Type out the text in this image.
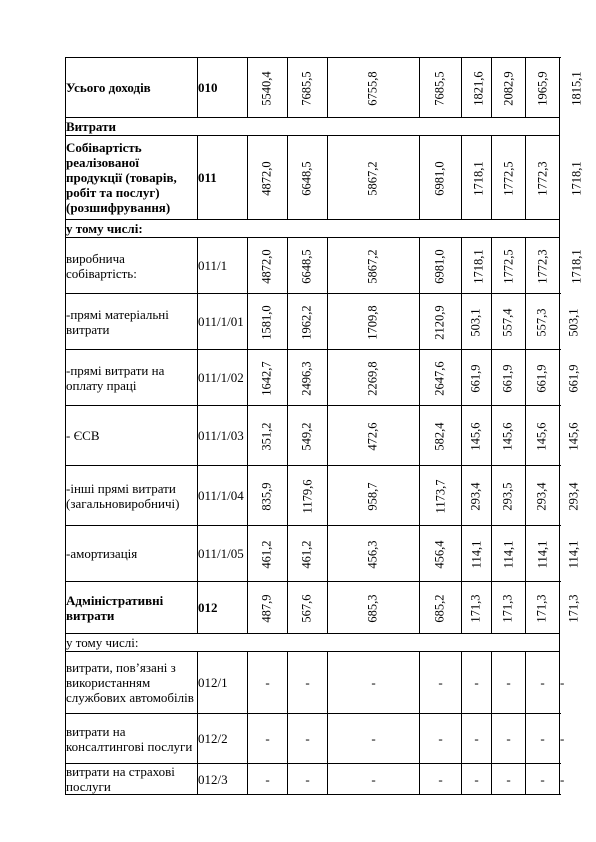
Усього доходів	010	5540,4	7685,5	6755,8	7685,5	1821,6	2082,9	1965,9	1815,1
Витрати									
Собівартість реалізованої продукції (товарів, робіт та послуг) (розшифрування)	011	4872,0	6648,5	5867,2	6981,0	1718,1	1772,5	1772,3	1718,1
у тому числі:									
виробнича собівартість:	011/1	4872,0	6648,5	5867,2	6981,0	1718,1	1772,5	1772,3	1718,1
-прямі матеріальні витрати	011/1/01	1581,0	1962,2	1709,8	2120,9	503,1	557,4	557,3	503,1
-прямі витрати на оплату праці	011/1/02	1642,7	2496,3	2269,8	2647,6	661,9	661,9	661,9	661,9
- ЄСВ	011/1/03	351,2	549,2	472,6	582,4	145,6	145,6	145,6	145,6
-інші прямі витрати (загальновиробничі)	011/1/04	835,9	1179,6	958,7	1173,7	293,4	293,5	293,4	293,4
-амортизація	011/1/05	461,2	461,2	456,3	456,4	114,1	114,1	114,1	114,1
Адміністративні витрати	012	487,9	567,6	685,3	685,2	171,3	171,3	171,3	171,3
у тому числі:									
витрати, пов’язані з використанням службових автомобілів	012/1	-	-	-	-	-	-	-	-
витрати на консалтингові послуги	012/2	-	-	-	-	-	-	-	-
витрати на страхові послуги	012/3	-	-	-	-	-	-	-	-
